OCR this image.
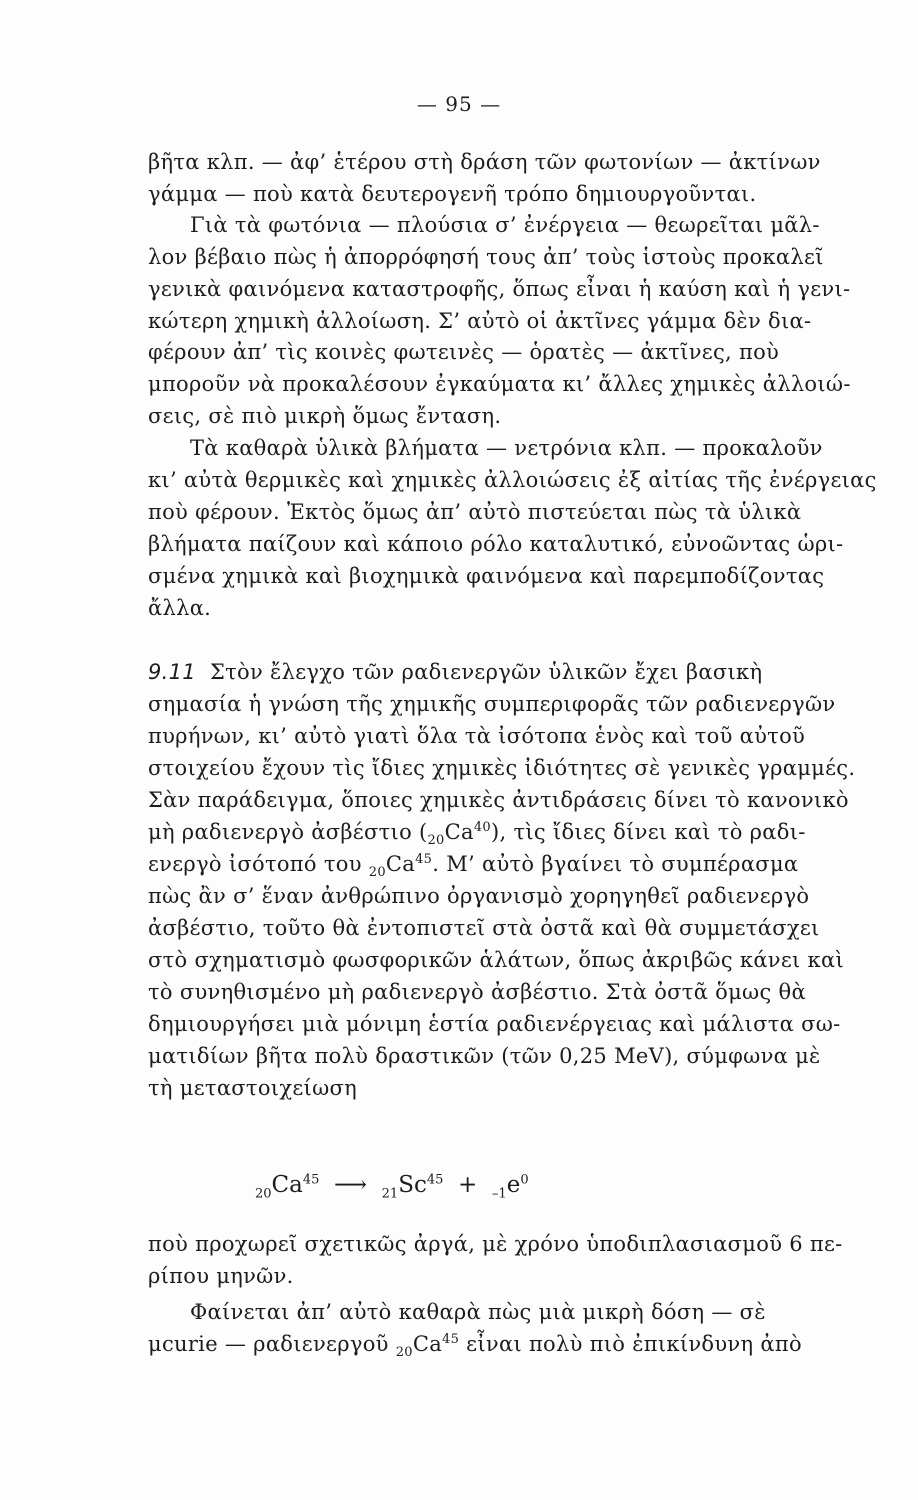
— 95 —
βῆτα κλπ. — ἀφ’ ἑτέρου στὴ δράση τῶν φωτονίων — ἀκτίνων
γάμμα — ποὺ κατὰ δευτερογενῆ τρόπο δημιουργοῦνται.
Γιὰ τὰ φωτόνια — πλούσια σ’ ἐνέργεια — θεωρεῖται μᾶλ-
λον βέβαιο πὼς ἡ ἀπορρόφησή τους ἀπ’ τοὺς ἱστοὺς προκαλεῖ
γενικὰ φαινόμενα καταστροφῆς, ὅπως εἶναι ἡ καύση καὶ ἡ γενι-
κώτερη χημικὴ ἀλλοίωση. Σ’ αὐτὸ οἱ ἀκτῖνες γάμμα δὲν δια-
φέρουν ἀπ’ τὶς κοινὲς φωτεινὲς — ὁρατὲς — ἀκτῖνες, ποὺ
μποροῦν νὰ προκαλέσουν ἐγκαύματα κι’ ἄλλες χημικὲς ἀλλοιώ-
σεις, σὲ πιὸ μικρὴ ὅμως ἔνταση.
Τὰ καθαρὰ ὑλικὰ βλήματα — νετρόνια κλπ. — προκαλοῦν
κι’ αὐτὰ θερμικὲς καὶ χημικὲς ἀλλοιώσεις ἐξ αἰτίας τῆς ἐνέργειας
ποὺ φέρουν. Ἐκτὸς ὅμως ἀπ’ αὐτὸ πιστεύεται πὼς τὰ ὑλικὰ
βλήματα παίζουν καὶ κάποιο ρόλο καταλυτικό, εὐνοῶντας ὡρι-
σμένα χημικὰ καὶ βιοχημικὰ φαινόμενα καὶ παρεμποδίζοντας
ἄλλα.
9.11 Στὸν ἔλεγχο τῶν ραδιενεργῶν ὑλικῶν ἔχει βασικὴ
σημασία ἡ γνώση τῆς χημικῆς συμπεριφορᾶς τῶν ραδιενεργῶν
πυρήνων, κι’ αὐτὸ γιατὶ ὅλα τὰ ἰσότοπα ἑνὸς καὶ τοῦ αὐτοῦ
στοιχείου ἔχουν τὶς ἴδιες χημικὲς ἰδιότητες σὲ γενικὲς γραμμές.
Σὰν παράδειγμα, ὅποιες χημικὲς ἀντιδράσεις δίνει τὸ κανονικὸ
μὴ ραδιενεργὸ ἀσβέστιο $(_{20}Ca^{40})$, τὶς ἴδιες δίνει καὶ τὸ ραδι-
ενεργὸ ἰσότοπό του $_{20}Ca^{45}$. Μ’ αὐτὸ βγαίνει τὸ συμπέρασμα
πὼς ἂν σ’ ἕναν ἀνθρώπινο ὀργανισμὸ χορηγηθεῖ ραδιενεργὸ
ἀσβέστιο, τοῦτο θὰ ἐντοπιστεῖ στὰ ὀστᾶ καὶ θὰ συμμετάσχει
στὸ σχηματισμὸ φωσφορικῶν ἁλάτων, ὅπως ἀκριβῶς κάνει καὶ
τὸ συνηθισμένο μὴ ραδιενεργὸ ἀσβέστιο. Στὰ ὀστᾶ ὅμως θὰ
δημιουργήσει μιὰ μόνιμη ἑστία ραδιενέργειας καὶ μάλιστα σω-
ματιδίων βῆτα πολὺ δραστικῶν (τῶν 0,25 MeV), σύμφωνα μὲ
τὴ μεταστοιχείωση
$_{20}Ca^{45}$ ⟶ $_{21}Sc^{45} + _{-1}e^0$
ποὺ προχωρεῖ σχετικῶς ἀργά, μὲ χρόνο ὑποδιπλασιασμοῦ 6 πε-
ρίπου μηνῶν.
Φαίνεται ἀπ’ αὐτὸ καθαρὰ πὼς μιὰ μικρὴ δόση — σὲ
μcurie — ραδιενεργοῦ $_{20}Ca^{45}$ εἶναι πολὺ πιὸ ἐπικίνδυνη ἀπὸ
